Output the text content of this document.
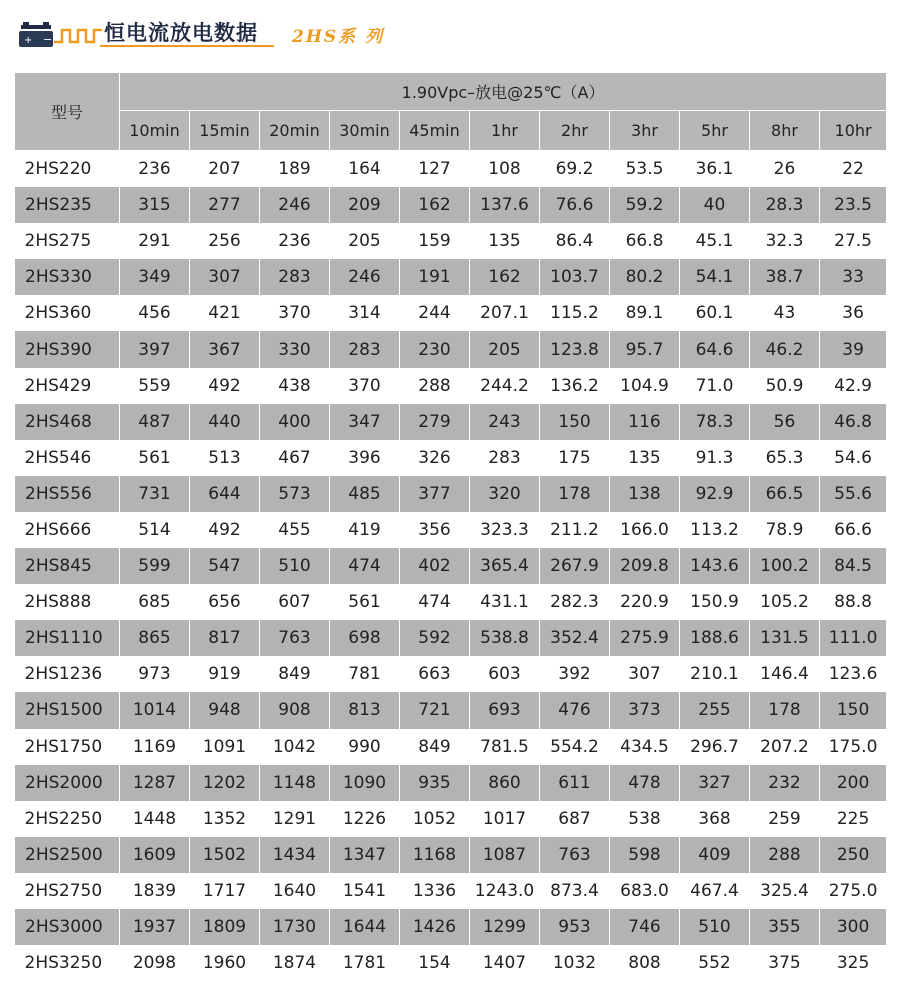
+ − 恒电流放电数据 2HS系 列
型号	1.90Vpc–放电@25℃（A）										
	10min	15min	20min	30min	45min	1hr	2hr	3hr	5hr	8hr	10hr
2HS220	236	207	189	164	127	108	69.2	53.5	36.1	26	22
2HS235	315	277	246	209	162	137.6	76.6	59.2	40	28.3	23.5
2HS275	291	256	236	205	159	135	86.4	66.8	45.1	32.3	27.5
2HS330	349	307	283	246	191	162	103.7	80.2	54.1	38.7	33
2HS360	456	421	370	314	244	207.1	115.2	89.1	60.1	43	36
2HS390	397	367	330	283	230	205	123.8	95.7	64.6	46.2	39
2HS429	559	492	438	370	288	244.2	136.2	104.9	71.0	50.9	42.9
2HS468	487	440	400	347	279	243	150	116	78.3	56	46.8
2HS546	561	513	467	396	326	283	175	135	91.3	65.3	54.6
2HS556	731	644	573	485	377	320	178	138	92.9	66.5	55.6
2HS666	514	492	455	419	356	323.3	211.2	166.0	113.2	78.9	66.6
2HS845	599	547	510	474	402	365.4	267.9	209.8	143.6	100.2	84.5
2HS888	685	656	607	561	474	431.1	282.3	220.9	150.9	105.2	88.8
2HS1110	865	817	763	698	592	538.8	352.4	275.9	188.6	131.5	111.0
2HS1236	973	919	849	781	663	603	392	307	210.1	146.4	123.6
2HS1500	1014	948	908	813	721	693	476	373	255	178	150
2HS1750	1169	1091	1042	990	849	781.5	554.2	434.5	296.7	207.2	175.0
2HS2000	1287	1202	1148	1090	935	860	611	478	327	232	200
2HS2250	1448	1352	1291	1226	1052	1017	687	538	368	259	225
2HS2500	1609	1502	1434	1347	1168	1087	763	598	409	288	250
2HS2750	1839	1717	1640	1541	1336	1243.0	873.4	683.0	467.4	325.4	275.0
2HS3000	1937	1809	1730	1644	1426	1299	953	746	510	355	300
2HS3250	2098	1960	1874	1781	154	1407	1032	808	552	375	325
